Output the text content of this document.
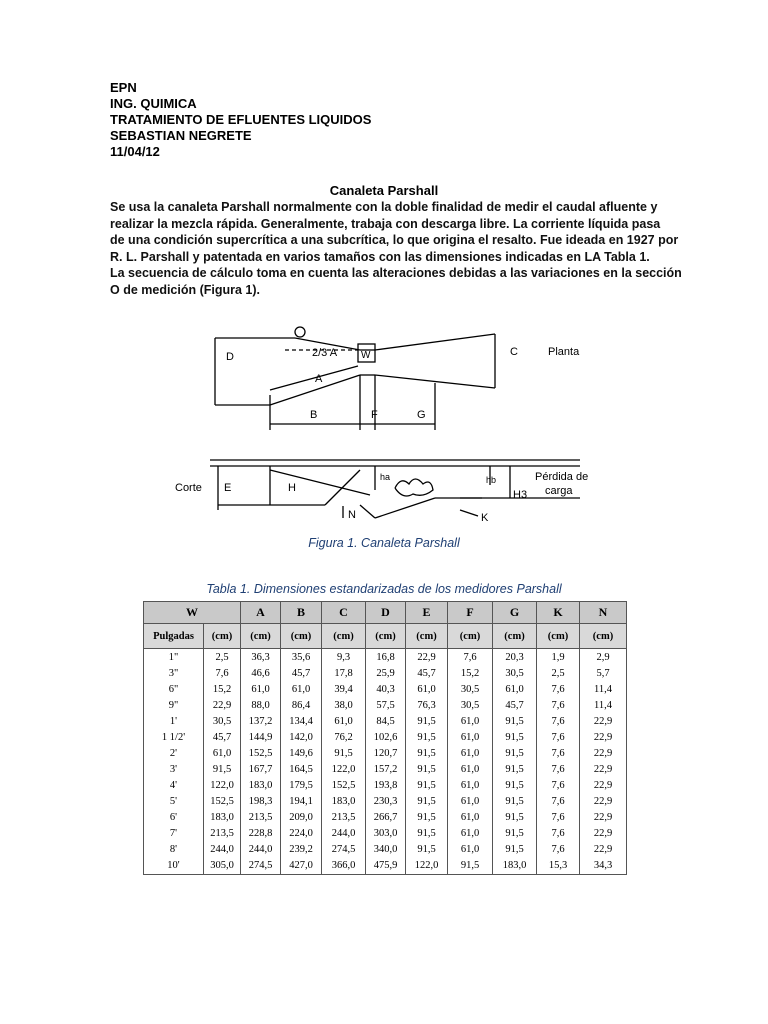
EPN
ING. QUIMICA
TRATAMIENTO DE EFLUENTES LIQUIDOS
SEBASTIAN NEGRETE
11/04/12
Canaleta Parshall
Se usa la canaleta Parshall normalmente con la doble finalidad de medir el caudal afluente y
realizar la mezcla rápida. Generalmente, trabaja con descarga libre. La corriente líquida pasa
de una condición supercrítica a una subcrítica, lo que origina el resalto. Fue ideada en 1927 por
R. L. Parshall y patentada en varios tamaños con las dimensiones indicadas en LA Tabla 1.
La secuencia de cálculo toma en cuenta las alteraciones debidas a las variaciones en la sección
O de medición (Figura 1).
D	2/3 A W	C	Planta
A
B	F	G
Corte E	H
ha	hb	Pérdida de
carga
H3
N	K
Figura 1. Canaleta Parshall
Tabla 1. Dimensiones estandarizadas de los medidores Parshall
W		A	B	C	D	E	F	G	K	N
Pulgadas	(cm)	(cm)	(cm)	(cm)	(cm)	(cm)	(cm)	(cm)	(cm)	(cm)
1"	2,5	36,3	35,6	9,3	16,8	22,9	7,6	20,3	1,9	2,9
3"	7,6	46,6	45,7	17,8	25,9	45,7	15,2	30,5	2,5	5,7
6"	15,2	61,0	61,0	39,4	40,3	61,0	30,5	61,0	7,6	11,4
9"	22,9	88,0	86,4	38,0	57,5	76,3	30,5	45,7	7,6	11,4
1'	30,5	137,2	134,4	61,0	84,5	91,5	61,0	91,5	7,6	22,9
1 1/2'	45,7	144,9	142,0	76,2	102,6	91,5	61,0	91,5	7,6	22,9
2'	61,0	152,5	149,6	91,5	120,7	91,5	61,0	91,5	7,6	22,9
3'	91,5	167,7	164,5	122,0	157,2	91,5	61,0	91,5	7,6	22,9
4'	122,0	183,0	179,5	152,5	193,8	91,5	61,0	91,5	7,6	22,9
5'	152,5	198,3	194,1	183,0	230,3	91,5	61,0	91,5	7,6	22,9
6'	183,0	213,5	209,0	213,5	266,7	91,5	61,0	91,5	7,6	22,9
7'	213,5	228,8	224,0	244,0	303,0	91,5	61,0	91,5	7,6	22,9
8'	244,0	244,0	239,2	274,5	340,0	91,5	61,0	91,5	7,6	22,9
10'	305,0	274,5	427,0	366,0	475,9	122,0	91,5	183,0	15,3	34,3
